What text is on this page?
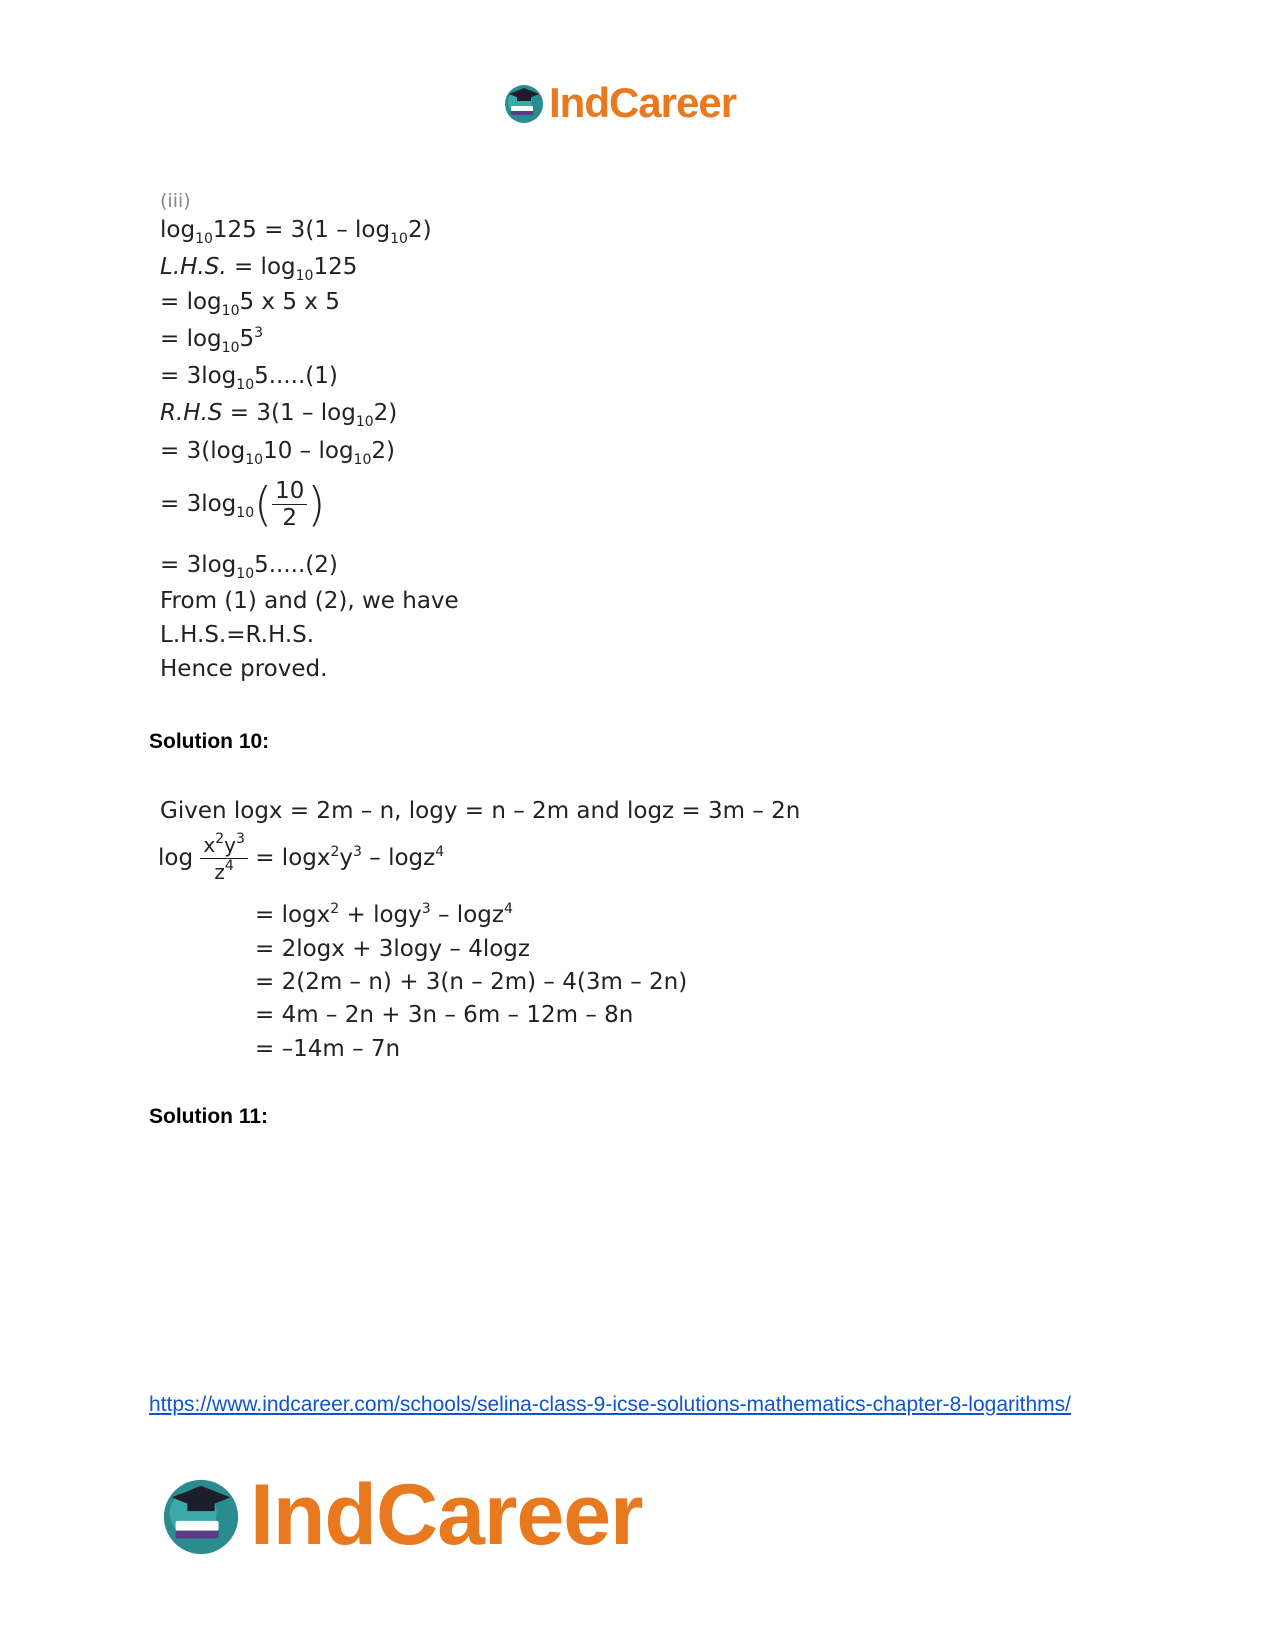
IndCareer
(iii)
$\log_{10}125 = 3(1 - \log_{10}2)$
L.H.S. = $\log_{10}125$
= $\log_{10}5$ x 5 x 5
= $\log_{10}5^3$
= $3\log_{10}5.....(1)$
$R.H.S = 3(1 - \log_{10}2)$
= $3(\log_{10}10 - \log_{10}2)$
= $3\log_{10}( \frac{10}{2}$ )
= $3\log_{10}5.....(2)$
From (1) and (2), we have
L.H.S.=R.H.S.
Hence proved.
Solution 10:
Given logx = 2m – n, logy = n – 2m and logz = 3m – 2n
$\log \frac{x^2y^3}{z^4} = \log x^2y^3 - \log z^4$
= logx$^2$ + logy$^3$ – logz$^4$
= 2logx + 3logy – 4logz
= 2(2m – n) + 3(n – 2m) – 4(3m – 2n)
= 4m – 2n + 3n – 6m – 12m – 8n
= –14m – 7n
Solution 11:
https://www.indcareer.com/schools/selina-class-9-icse-solutions-mathematics-chapter-8-logarithms/
IndCareer
